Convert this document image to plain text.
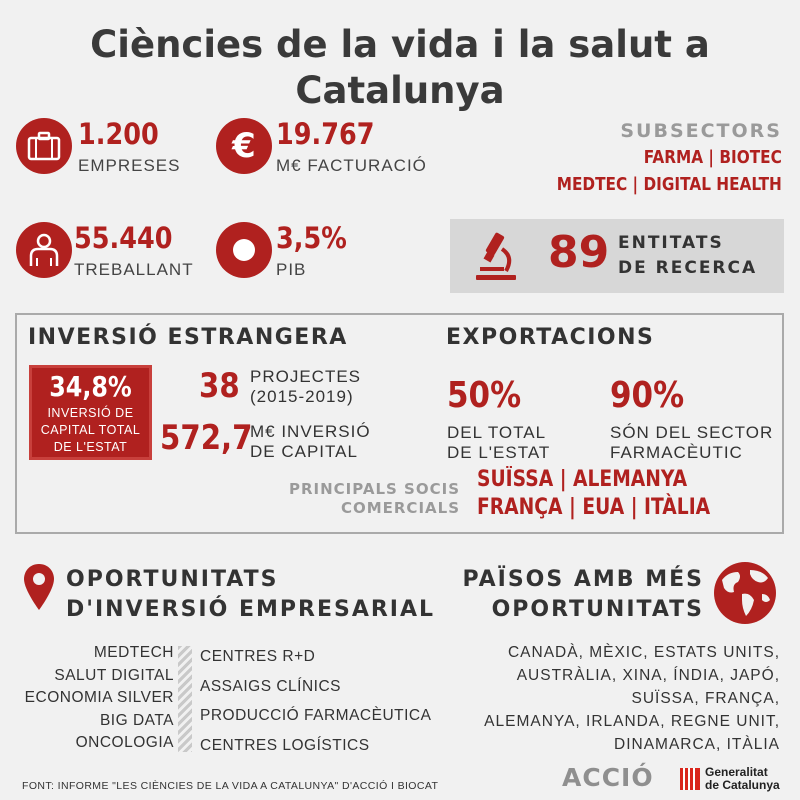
Ciències de la vida i la salut a
Catalunya
1.200
EMPRESES € 19.767
M€ FACTURACIÓ
SUBSECTORS
FARMA | BIOTEC
MEDTEC | DIGITAL HEALTH
55.440
TREBALLANT
3,5%
PIB	89 ENTITATS
DE RECERCA
INVERSIÓ ESTRANGERA	EXPORTACIONS
34,8%
INVERSIÓ DE
CAPITAL TOTAL
DE L'ESTAT
38 PROJECTES
(2015-2019)
572,7
M€ INVERSIÓ
DE CAPITAL
50%
DEL TOTAL
DE L'ESTAT
90%
SÓN DEL SECTOR
FARMACÈUTIC
PRINCIPALS SOCIS
COMERCIALS
SUÏSSA | ALEMANYA
FRANÇA | EUA | ITÀLIA
OPORTUNITATS
D'INVERSIÓ EMPRESARIAL
MEDTECH
SALUT DIGITAL
ECONOMIA SILVER
BIG DATA
ONCOLOGIA
CENTRES R+D
ASSAIGS CLÍNICS
PRODUCCIÓ FARMACÈUTICA
CENTRES LOGÍSTICS
PAÏSOS AMB MÉS
OPORTUNITATS
CANADÀ, MÈXIC, ESTATS UNITS,
AUSTRÀLIA, XINA, ÍNDIA, JAPÓ,
SUÏSSA, FRANÇA,
ALEMANYA, IRLANDA, REGNE UNIT,
DINAMARCA, ITÀLIA
FONT: INFORME "LES CIÈNCIES DE LA VIDA A CATALUNYA" D'ACCIÓ I BIOCAT	ACCIÓ	Generalitat
de Catalunya
